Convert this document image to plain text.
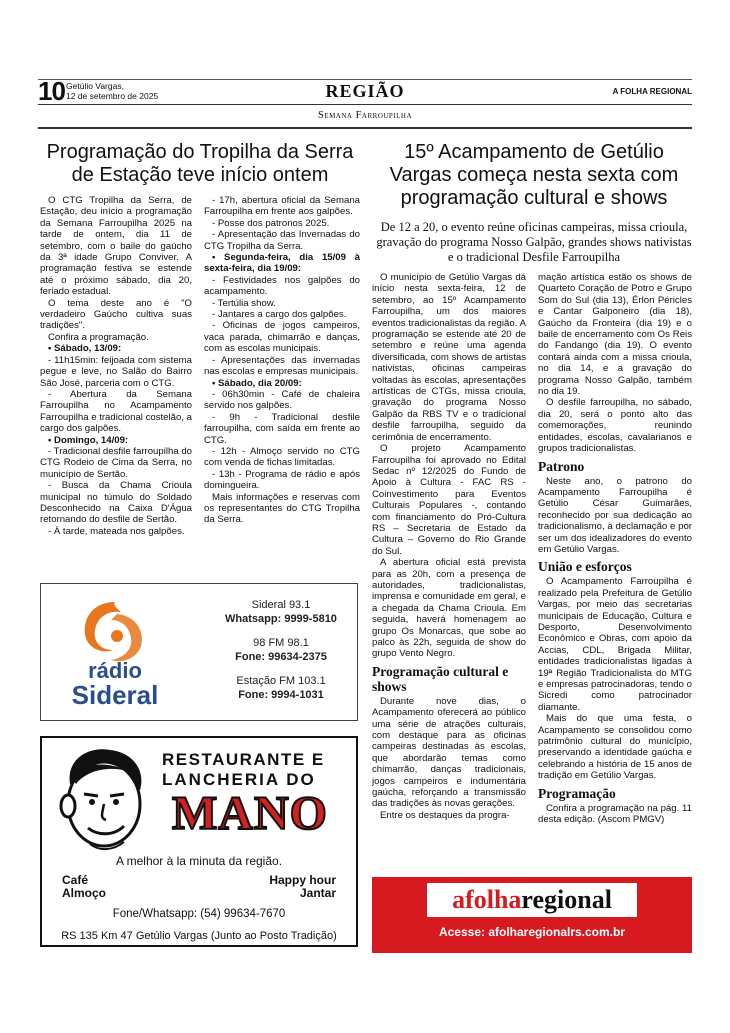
10 Getúlio Vargas,
12 de setembro de 2025	REGIÃO	A FOLHA REGIONAL
Semana Farroupilha
Programação do Tropilha da Serra de Estação teve início ontem

O CTG Tropilha da Serra, de Estação, deu início a programação da Semana Farroupilha 2025 na tarde de ontem, dia 11 de setembro, com o baile do gaúcho da 3ª idade Grupo Conviver. A programação festiva se estende até o próximo sábado, dia 20, feriado estadual.

O tema deste ano é "O verdadeiro Gaúcho cultiva suas tradições".

Confira a programação.

• Sábado, 13/09:

- 11h15min: feijoada com sistema pegue e leve, no Salão do Bairro São José, parceria com o CTG.

- Abertura da Semana Farroupilha no Acampamento Farroupilha e tradicional costelão, a cargo dos galpões.

• Domingo, 14/09:

- Tradicional desfile farroupilha do CTG Rodeio de Cima da Serra, no município de Sertão.

- Busca da Chama Crioula municipal no túmulo do Soldado Desconhecido na Caixa D'Água retornando do desfile de Sertão.

- À tarde, mateada nos galpões.

- 17h, abertura oficial da Semana Farroupilha em frente aos galpões.

- Posse dos patronos 2025.

- Apresentação das Invernadas do CTG Tropilha da Serra.

• Segunda-feira, dia 15/09 à sexta-feira, dia 19/09:

- Festividades nos galpões do acampamento.

- Tertúlia show.

- Jantares a cargo dos galpões.

- Oficinas de jogos campeiros, vaca parada, chimarrão e danças, com as escolas municipais.

- Apresentações das invernadas nas escolas e empresas municipais.

• Sábado, dia 20/09:

- 06h30min - Café de chaleira servido nos galpões.

- 9h - Tradicional desfile farroupilha, com saída em frente ao CTG.

- 12h - Almoço servido no CTG com venda de fichas limitadas.

- 13h - Programa de rádio e após domingueira.

Mais informações e reservas com os representantes do CTG Tropilha da Serra.

15º Acampamento de Getúlio Vargas começa nesta sexta com programação cultural e shows
De 12 a 20, o evento reúne oficinas campeiras, missa crioula, gravação do programa Nosso Galpão, grandes shows nativistas e o tradicional Desfile Farroupilha

O município de Getúlio Vargas dá início nesta sexta-feira, 12 de setembro, ao 15º Acampamento Farroupilha, um dos maiores eventos tradicionalistas da região. A programação se estende até 20 de setembro e reúne uma agenda diversificada, com shows de artistas nativistas, oficinas campeiras voltadas às escolas, apresentações artísticas de CTGs, missa crioula, gravação do programa Nosso Galpão da RBS TV e o tradicional desfile farroupilha, seguido da cerimônia de encerramento.

O projeto Acampamento Farroupilha foi aprovado no Edital Sedac nº 12/2025 do Fundo de Apoio à Cultura - FAC RS - Coinvestimento para Eventos Culturais Populares -, contando com financiamento do Pró-Cultura RS – Secretaria de Estado da Cultura – Governo do Rio Grande do Sul.

A abertura oficial está prevista para as 20h, com a presença de autoridades, tradicionalistas, imprensa e comunidade em geral, e a chegada da Chama Crioula. Em seguida, haverá homenagem ao grupo Os Monarcas, que sobe ao palco às 22h, seguida de show do grupo Vento Negro.

Programação cultural e shows

Durante nove dias, o Acampamento oferecerá ao público uma série de atrações culturais, com destaque para as oficinas campeiras destinadas às escolas, que abordarão temas como chimarrão, danças tradicionais, jogos campeiros e indumentária gaúcha, reforçando a transmissão das tradições às novas gerações.

Entre os destaques da progra-

mação artística estão os shows de Quarteto Coração de Potro e Grupo Som do Sul (dia 13), Érlon Péricles e Cantar Galponeiro (dia 18), Gaúcho da Fronteira (dia 19) e o baile de encerramento com Os Reis do Fandango (dia 19). O evento contará ainda com a missa crioula, no dia 14, e a gravação do programa Nosso Galpão, também no dia 19.

O desfile farroupilha, no sábado, dia 20, será o ponto alto das comemorações, reunindo entidades, escolas, cavalarianos e grupos tradicionalistas.

Patrono

Neste ano, o patrono do Acampamento Farroupilha é Getúlio César Guimarães, reconhecido por sua dedicação ao tradicionalismo, à declamação e por ser um dos idealizadores do evento em Getúlio Vargas.

União e esforços

O Acampamento Farroupilha é realizado pela Prefeitura de Getúlio Vargas, por meio das secretarias municipais de Educação, Cultura e Desporto, Desenvolvimento Econômico e Obras, com apoio da Accias, CDL, Brigada Militar, entidades tradicionalistas ligadas à 19ª Região Tradicionalista do MTG e empresas patrocinadoras, tendo o Sicredi como patrocinador diamante.

Mais do que uma festa, o Acampamento se consolidou como patrimônio cultural do município, preservando a identidade gaúcha e celebrando a história de 15 anos de tradição em Getúlio Vargas.

Programação

Confira a programação na pág. 11 desta edição. (Ascom PMGV)

rádio
Sideral
Sideral 93.1
Whatsapp: 9999-5810
98 FM 98.1
Fone: 99634-2375
Estação FM 103.1
Fone: 9994-1031
RESTAURANTE E
LANCHERIA DO
MANO
A melhor à la minuta da região.
Café
Almoço
Happy hour
Jantar
Fone/Whatsapp: (54) 99634-7670
RS 135 Km 47 Getúlio Vargas (Junto ao Posto Tradição)
afolharegional
Acesse: afolharegionalrs.com.br
